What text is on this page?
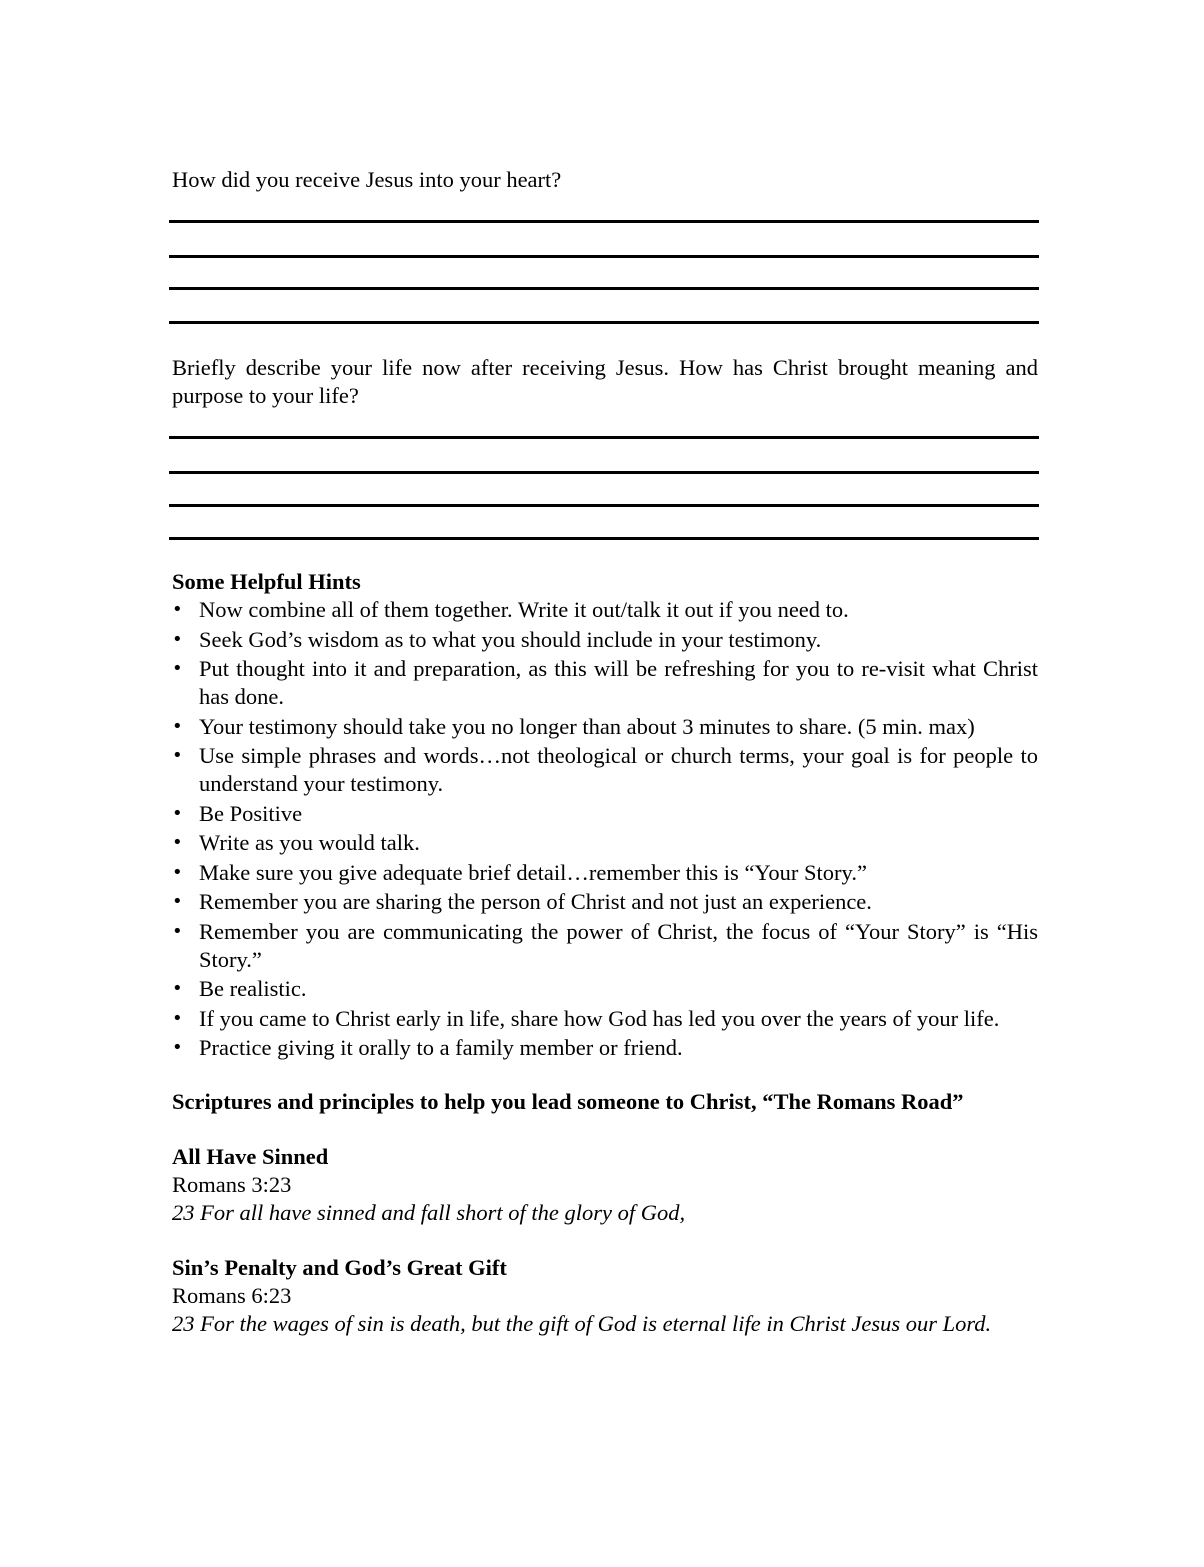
How did you receive Jesus into your heart?

Briefly describe your life now after receiving Jesus. How has Christ brought meaning and purpose to your life?

Some Helpful Hints

• Now combine all of them together. Write it out/talk it out if you need to.
• Seek God’s wisdom as to what you should include in your testimony.
• Put thought into it and preparation, as this will be refreshing for you to re-visit what Christ has done.
• Your testimony should take you no longer than about 3 minutes to share. (5 min. max)
• Use simple phrases and words…not theological or church terms, your goal is for people to understand your testimony.
• Be Positive
• Write as you would talk.
• Make sure you give adequate brief detail…remember this is “Your Story.”
• Remember you are sharing the person of Christ and not just an experience.
• Remember you are communicating the power of Christ, the focus of “Your Story” is “His Story.”
• Be realistic.
• If you came to Christ early in life, share how God has led you over the years of your life.
• Practice giving it orally to a family member or friend.

Scriptures and principles to help you lead someone to Christ, “The Romans Road”

All Have Sinned

Romans 3:23

23 For all have sinned and fall short of the glory of God,

Sin’s Penalty and God’s Great Gift

Romans 6:23

23 For the wages of sin is death, but the gift of God is eternal life in Christ Jesus our Lord.
